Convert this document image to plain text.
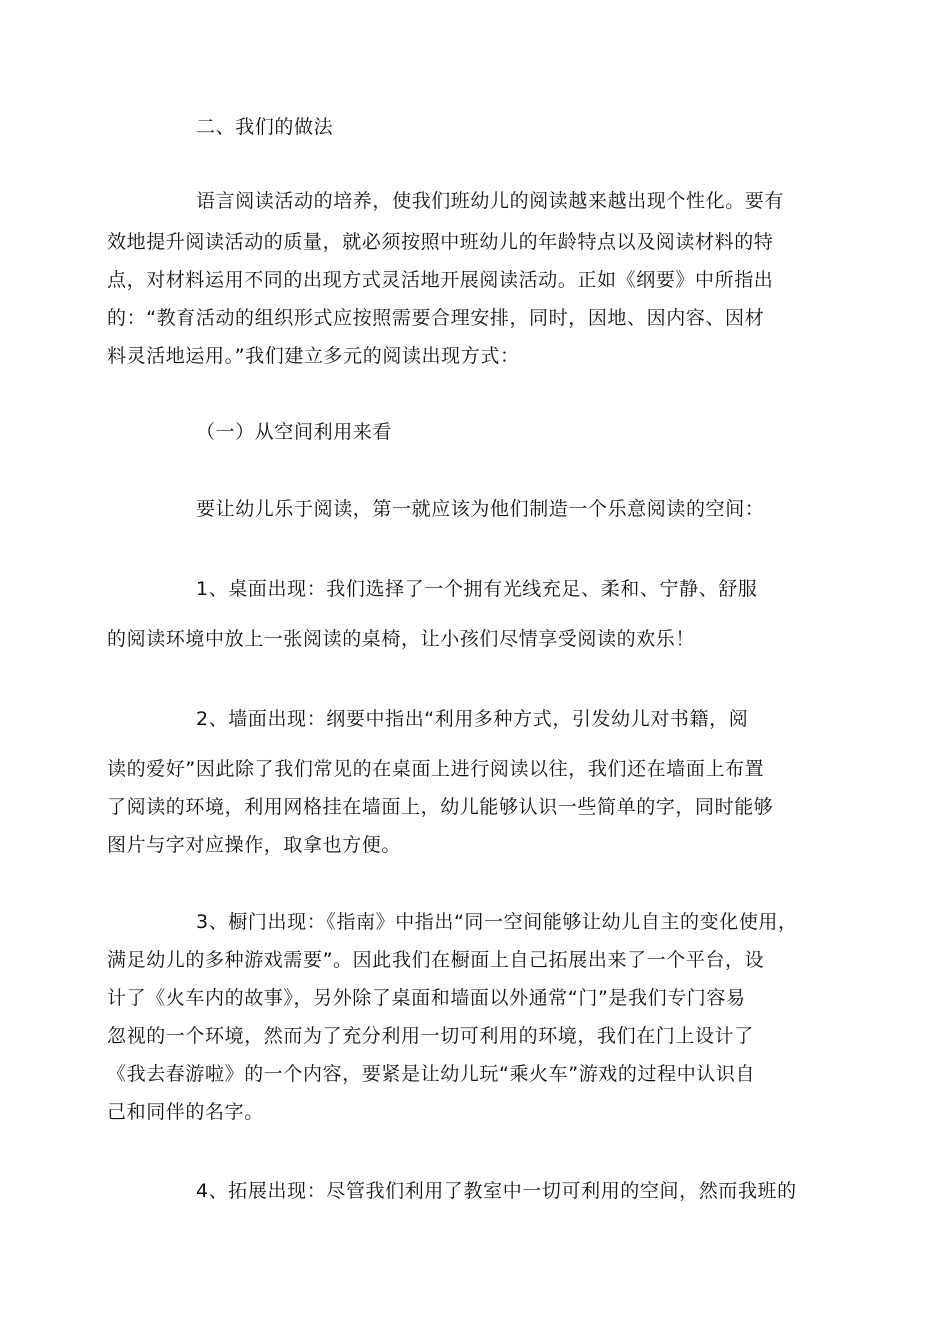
二、我们的做法
语言阅读活动的培养，使我们班幼儿的阅读越来越出现个性化。要有
效地提升阅读活动的质量，就必须按照中班幼儿的年龄特点以及阅读材料的特
点，对材料运用不同的出现方式灵活地开展阅读活动。正如《纲要》中所指出
的：“教育活动的组织形式应按照需要合理安排，同时，因地、因内容、因材
料灵活地运用。”我们建立多元的阅读出现方式：
（一）从空间利用来看
要让幼儿乐于阅读，第一就应该为他们制造一个乐意阅读的空间：
1、桌面出现：我们选择了一个拥有光线充足、柔和、宁静、舒服
的阅读环境中放上一张阅读的桌椅，让小孩们尽情享受阅读的欢乐！
2、墙面出现：纲要中指出“利用多种方式，引发幼儿对书籍，阅
读的爱好”因此除了我们常见的在桌面上进行阅读以往，我们还在墙面上布置
了阅读的环境，利用网格挂在墙面上，幼儿能够认识一些简单的字，同时能够
图片与字对应操作，取拿也方便。
3、橱门出现：《指南》中指出“同一空间能够让幼儿自主的变化使用，
满足幼儿的多种游戏需要”。因此我们在橱面上自己拓展出来了一个平台，设
计了《火车内的故事》，另外除了桌面和墙面以外通常“门”是我们专门容易
忽视的一个环境，然而为了充分利用一切可利用的环境，我们在门上设计了
《我去春游啦》的一个内容，要紧是让幼儿玩“乘火车”游戏的过程中认识自
己和同伴的名字。
4、拓展出现：尽管我们利用了教室中一切可利用的空间，然而我班的
